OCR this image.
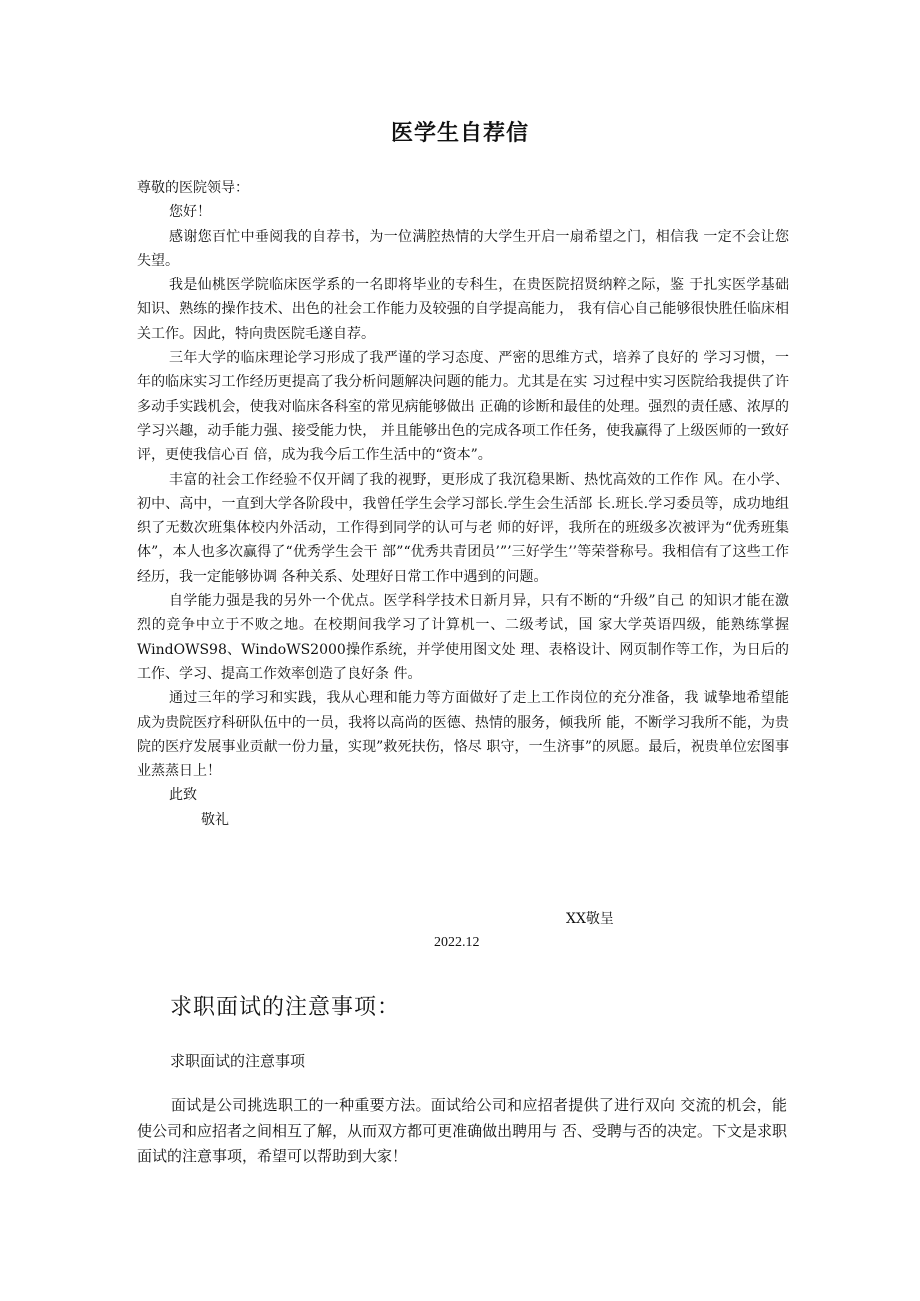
医学生自荐信

尊敬的医院领导：

您好！

感谢您百忙中垂阅我的自荐书，为一位满腔热情的大学生开启一扇希望之门，相信我 一定不会让您失望。

我是仙桃医学院临床医学系的一名即将毕业的专科生，在贵医院招贤纳粹之际，鉴 于扎实医学基础知识、熟练的操作技术、出色的社会工作能力及较强的自学提高能力， 我有信心自己能够很快胜任临床相关工作。因此，特向贵医院毛遂自荐。

三年大学的临床理论学习形成了我严谨的学习态度、严密的思维方式，培养了良好的 学习习惯，一年的临床实习工作经历更提高了我分析问题解决问题的能力。尤其是在实 习过程中实习医院给我提供了许多动手实践机会，使我对临床各科室的常见病能够做出 正确的诊断和最佳的处理。强烈的责任感、浓厚的学习兴趣，动手能力强、接受能力快， 并且能够出色的完成各项工作任务，使我赢得了上级医师的一致好评，更使我信心百 倍，成为我今后工作生活中的“资本”。

丰富的社会工作经验不仅开阔了我的视野，更形成了我沉稳果断、热忱高效的工作作 风。在小学、初中、高中，一直到大学各阶段中，我曾任学生会学习部长.学生会生活部 长.班长.学习委员等，成功地组织了无数次班集体校内外活动，工作得到同学的认可与老 师的好评，我所在的班级多次被评为“优秀班集体”，本人也多次赢得了“优秀学生会干 部”“优秀共青团员’”’三好学生’’等荣誉称号。我相信有了这些工作经历，我一定能够协调 各种关系、处理好日常工作中遇到的问题。

自学能力强是我的另外一个优点。医学科学技术日新月异，只有不断的“升级”自己 的知识才能在激烈的竞争中立于不败之地。在校期间我学习了计算机一、二级考试，国 家大学英语四级，能熟练掌握WindOWS98、WindoWS2000操作系统，并学使用图文处 理、表格设计、网页制作等工作，为日后的工作、学习、提高工作效率创造了良好条 件。

通过三年的学习和实践，我从心理和能力等方面做好了走上工作岗位的充分准备，我 诚挚地希望能成为贵院医疗科研队伍中的一员，我将以高尚的医德、热情的服务，倾我所 能，不断学习我所不能，为贵院的医疗发展事业贡献一份力量，实现”救死扶伤，恪尽 职守，一生济事”的夙愿。最后，祝贵单位宏图事业蒸蒸日上！

此致

敬礼

XX敬呈
2022.12
求职面试的注意事项：
求职面试的注意事项

面试是公司挑选职工的一种重要方法。面试给公司和应招者提供了进行双向 交流的机会，能使公司和应招者之间相互了解，从而双方都可更准确做出聘用与 否、受聘与否的决定。下文是求职面试的注意事项，希望可以帮助到大家！
